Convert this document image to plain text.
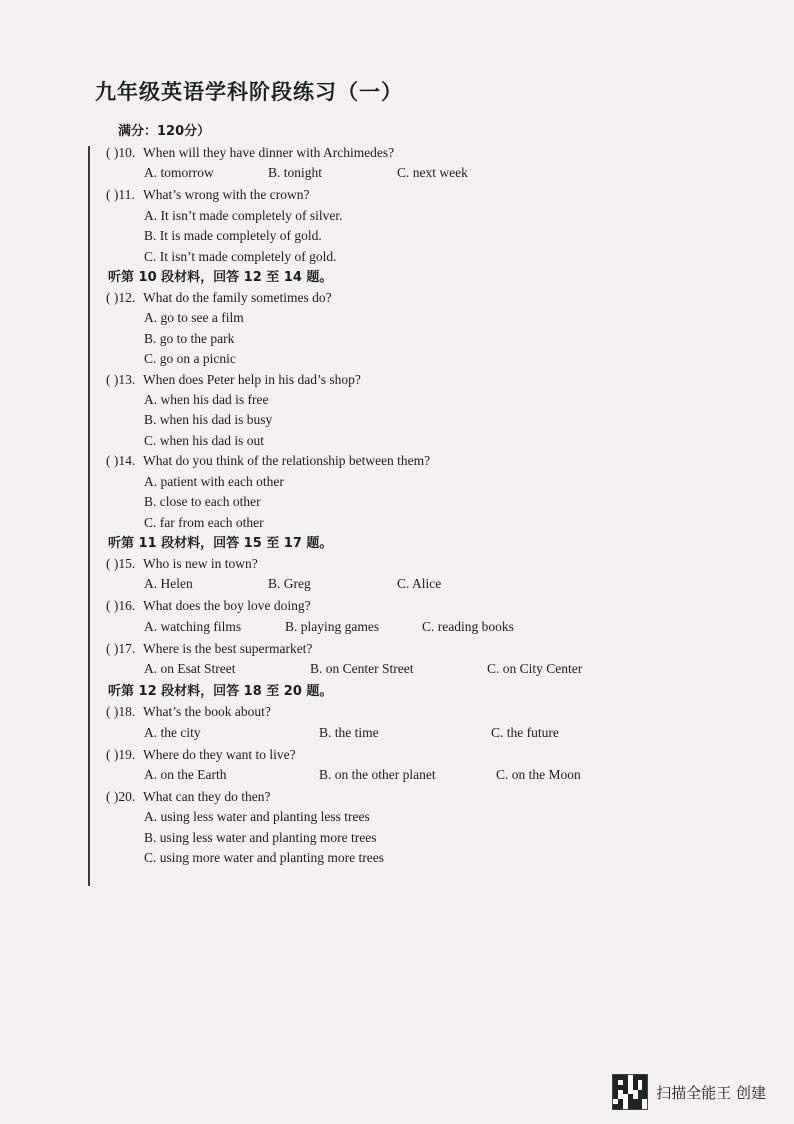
九年级英语学科阶段练习（一）
满分：120分）
( )10. When will they have dinner with Archimedes?
A. tomorrow	B. tonight	C. next week
( )11. What’s wrong with the crown?
A. It isn’t made completely of silver.
B. It is made completely of gold.
C. It isn’t made completely of gold.
听第 10 段材料，回答 12 至 14 题。
( )12. What do the family sometimes do?
A. go to see a film
B. go to the park
C. go on a picnic
( )13. When does Peter help in his dad’s shop?
A. when his dad is free
B. when his dad is busy
C. when his dad is out
( )14. What do you think of the relationship between them?
A. patient with each other
B. close to each other
C. far from each other
听第 11 段材料，回答 15 至 17 题。
( )15. Who is new in town?
A. Helen	B. Greg	C. Alice
( )16. What does the boy love doing?
A. watching films	B. playing games	C. reading books
( )17. Where is the best supermarket?
A. on Esat Street	B. on Center Street	C. on City Center
听第 12 段材料，回答 18 至 20 题。
( )18. What’s the book about?
A. the city	B. the time	C. the future
( )19. Where do they want to live?
A. on the Earth	B. on the other planet	C. on the Moon
( )20. What can they do then?
A. using less water and planting less trees
B. using less water and planting more trees
C. using more water and planting more trees
扫描全能王 创建
